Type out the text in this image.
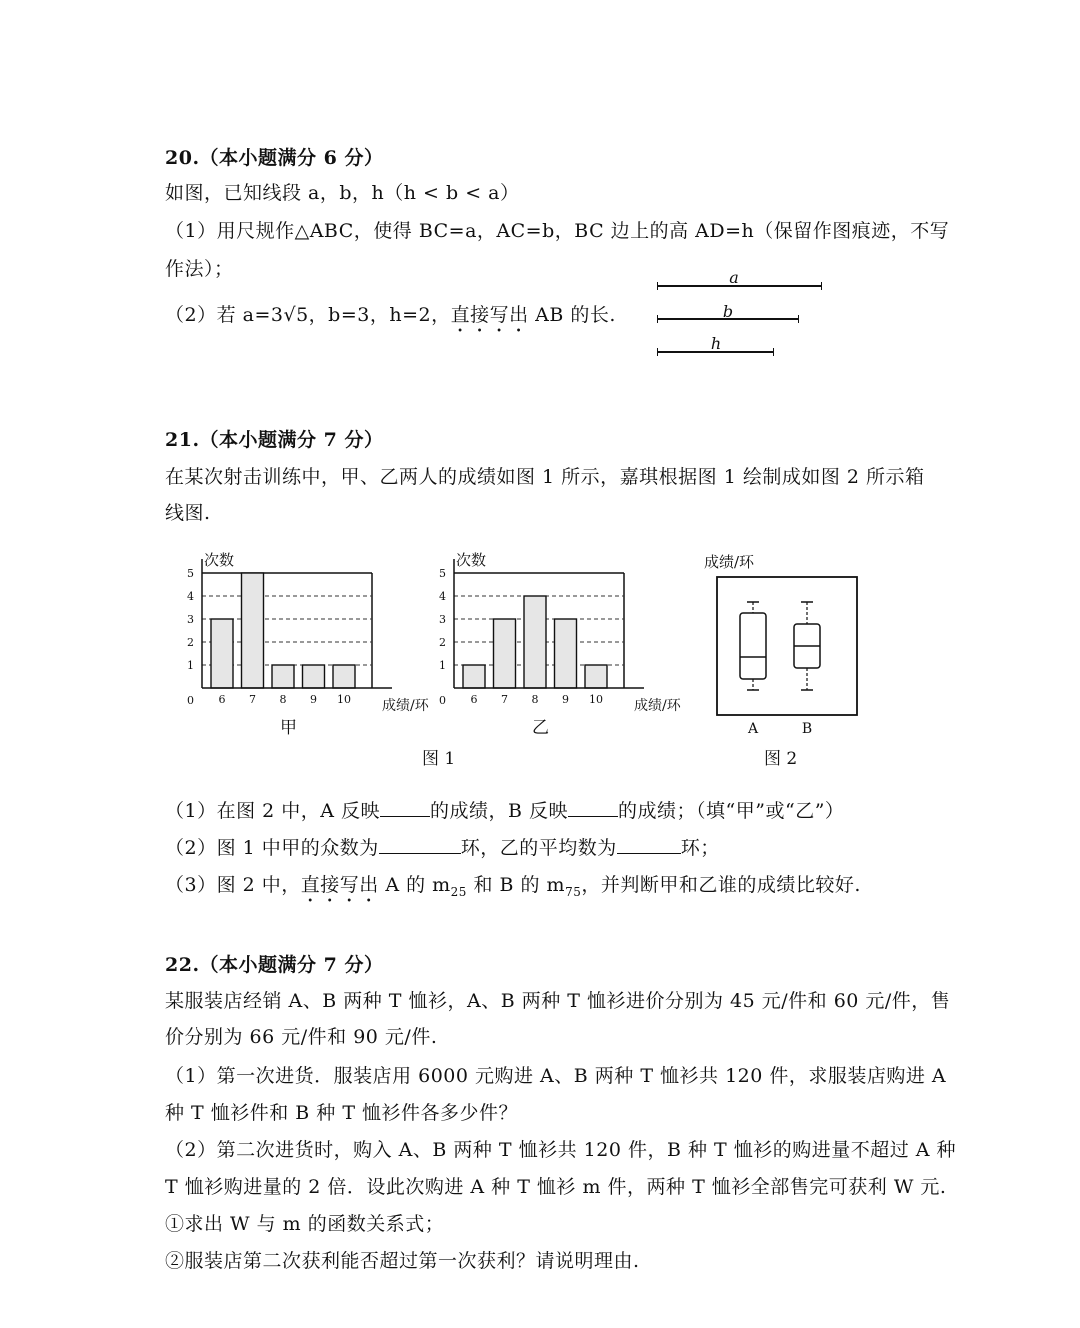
20.（本小题满分 6 分）
如图，已知线段 a，b，h（h < b < a）
（1）用尺规作△ABC，使得 BC=a，AC=b，BC 边上的高 AD=h（保留作图痕迹，不写
作法）；
（2）若 a=3√5，b=3，h=2，直接写出 AB 的长.
a
b
h
21.（本小题满分 7 分）
在某次射击训练中，甲、乙两人的成绩如图 1 所示，嘉琪根据图 1 绘制成如图 2 所示箱
线图.
次数
6 7 8 9 10
0
1
2
3
4
5
成绩/环
甲
次数
6 7 8 9 10
0
1
2
3
4
5
成绩/环
乙
成绩/环
A	B
图 1	图 2
（1）在图 2 中，A 反映	的成绩，B 反映	的成绩；（填“甲”或“乙”）
（2）图 1 中甲的众数为	环，乙的平均数为	环；
（3）图 2 中，直接写出 A 的 $m_{25}$ 和 B 的 $m_{75}$，并判断甲和乙谁的成绩比较好.
22.（本小题满分 7 分）
某服装店经销 A、B 两种 T 恤衫，A、B 两种 T 恤衫进价分别为 45 元/件和 60 元/件，售
价分别为 66 元/件和 90 元/件.
（1）第一次进货．服装店用 6000 元购进 A、B 两种 T 恤衫共 120 件，求服装店购进 A
种 T 恤衫件和 B 种 T 恤衫件各多少件？
（2）第二次进货时，购入 A、B 两种 T 恤衫共 120 件，B 种 T 恤衫的购进量不超过 A 种
T 恤衫购进量的 2 倍．设此次购进 A 种 T 恤衫 m 件，两种 T 恤衫全部售完可获利 W 元.
①求出 W 与 m 的函数关系式；
②服装店第二次获利能否超过第一次获利？请说明理由.
